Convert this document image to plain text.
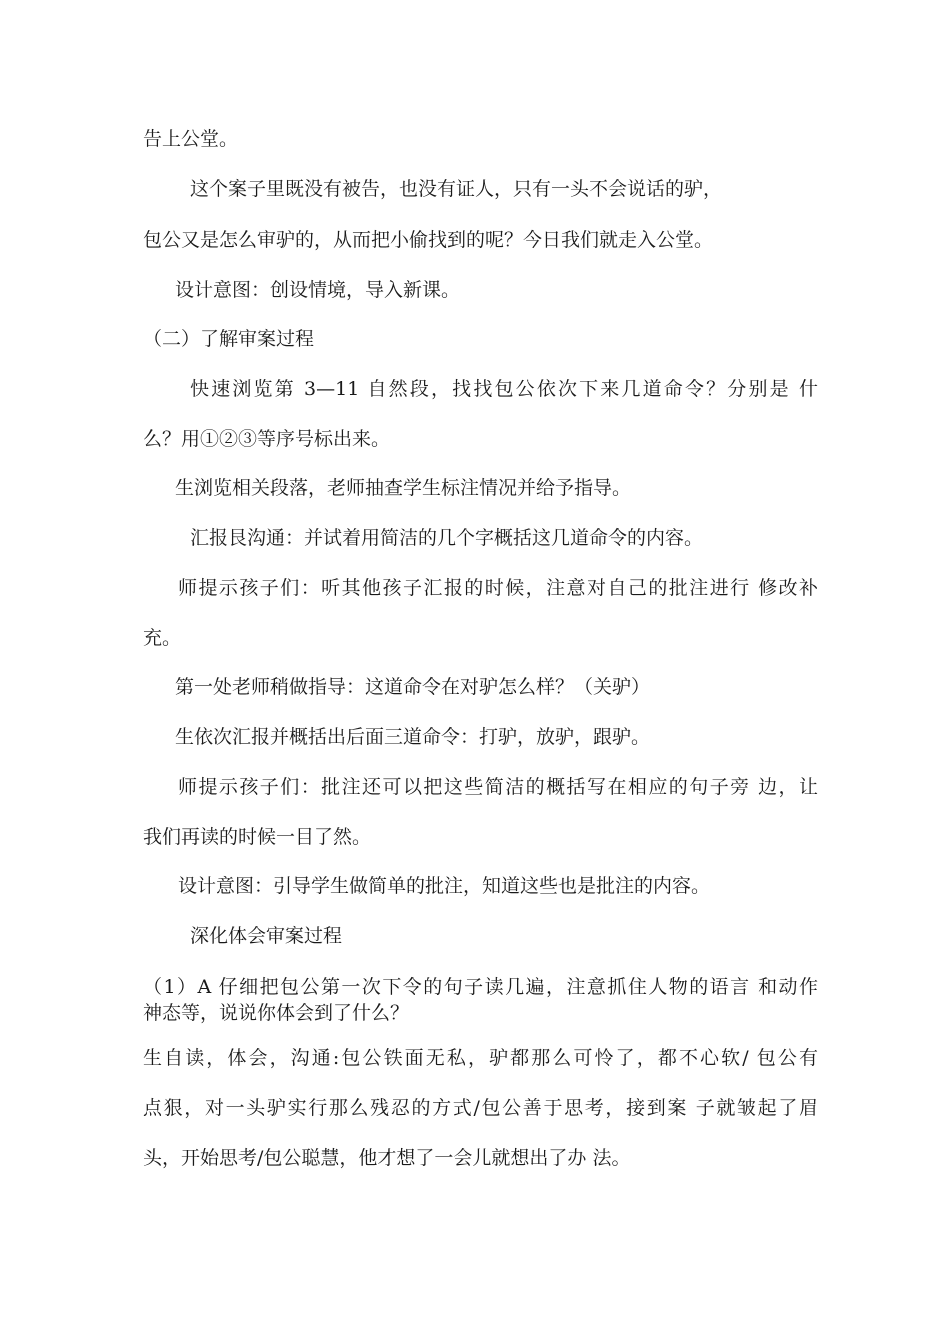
告上公堂。
这个案子里既没有被告，也没有证人，只有一头不会说话的驴，
包公又是怎么审驴的，从而把小偷找到的呢？今日我们就走入公堂。
设计意图：创设情境，导入新课。
（二）了解审案过程
快速浏览第 3—11 自然段，找找包公依次下来几道命令？分别是 什
么？用①②③等序号标出来。
生浏览相关段落，老师抽查学生标注情况并给予指导。
汇报艮沟通：并试着用简洁的几个字概括这几道命令的内容。
师提示孩子们：听其他孩子汇报的时候，注意对自己的批注进行 修改补
充。
第一处老师稍做指导：这道命令在对驴怎么样？（关驴）
生依次汇报并概括出后面三道命令：打驴，放驴，跟驴。
师提示孩子们：批注还可以把这些简洁的概括写在相应的句子旁 边，让
我们再读的时候一目了然。
设计意图：引导学生做简单的批注，知道这些也是批注的内容。
深化体会审案过程
（1）A 仔细把包公第一次下令的句子读几遍，注意抓住人物的语言 和动作
神态等，说说你体会到了什么？
生自读，体会，沟通:包公铁面无私，驴都那么可怜了，都不心软/ 包公有
点狠，对一头驴实行那么残忍的方式/包公善于思考，接到案 子就皱起了眉
头，开始思考/包公聪慧，他才想了一会儿就想出了办 法。
